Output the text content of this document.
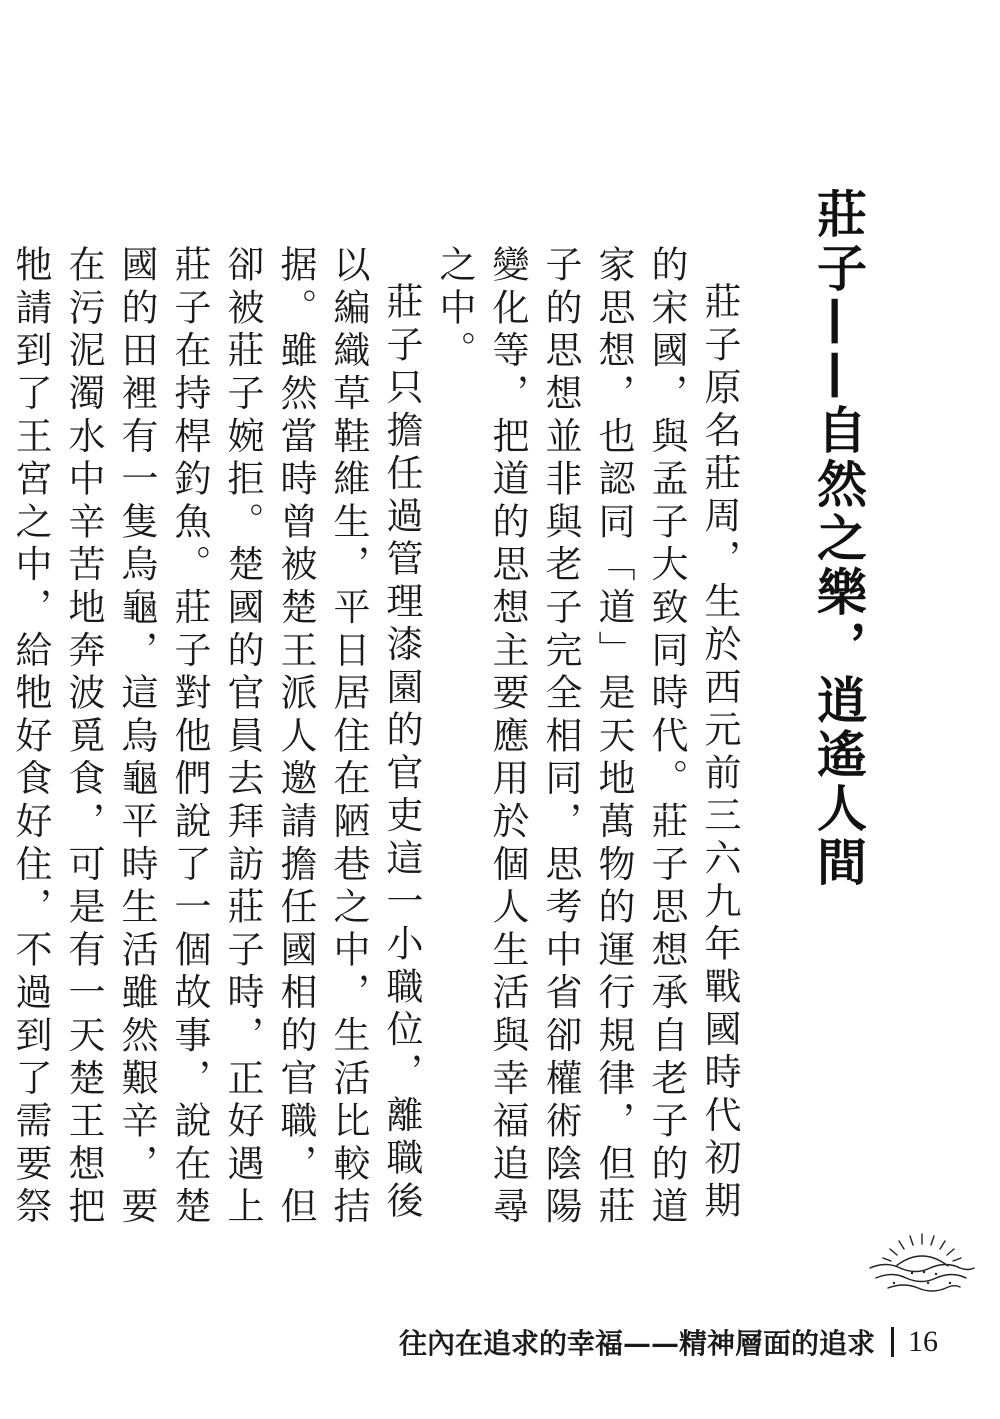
莊子——自然之樂，逍遙人間

莊子原名莊周，生於西元前三六九年戰國時代初期的宋國，與孟子大致同時代。莊子思想承自老子的道家思想，也認同「道」是天地萬物的運行規律，但莊子的思想並非與老子完全相同，思考中省卻權術陰陽變化等，把道的思想主要應用於個人生活與幸福追尋之中。

莊子只擔任過管理漆園的官吏這一小職位，離職後以編織草鞋維生，平日居住在陋巷之中，生活比較拮据。雖然當時曾被楚王派人邀請擔任國相的官職，但卻被莊子婉拒。楚國的官員去拜訪莊子時，正好遇上莊子在持桿釣魚。莊子對他們說了一個故事，說在楚國的田裡有一隻烏龜，這烏龜平時生活雖然艱辛，要在污泥濁水中辛苦地奔波覓食，可是有一天楚王想把牠請到了王宮之中，給牠好食好住，不過到了需要祭

往內在追求的幸福——精神層面的追求 16
